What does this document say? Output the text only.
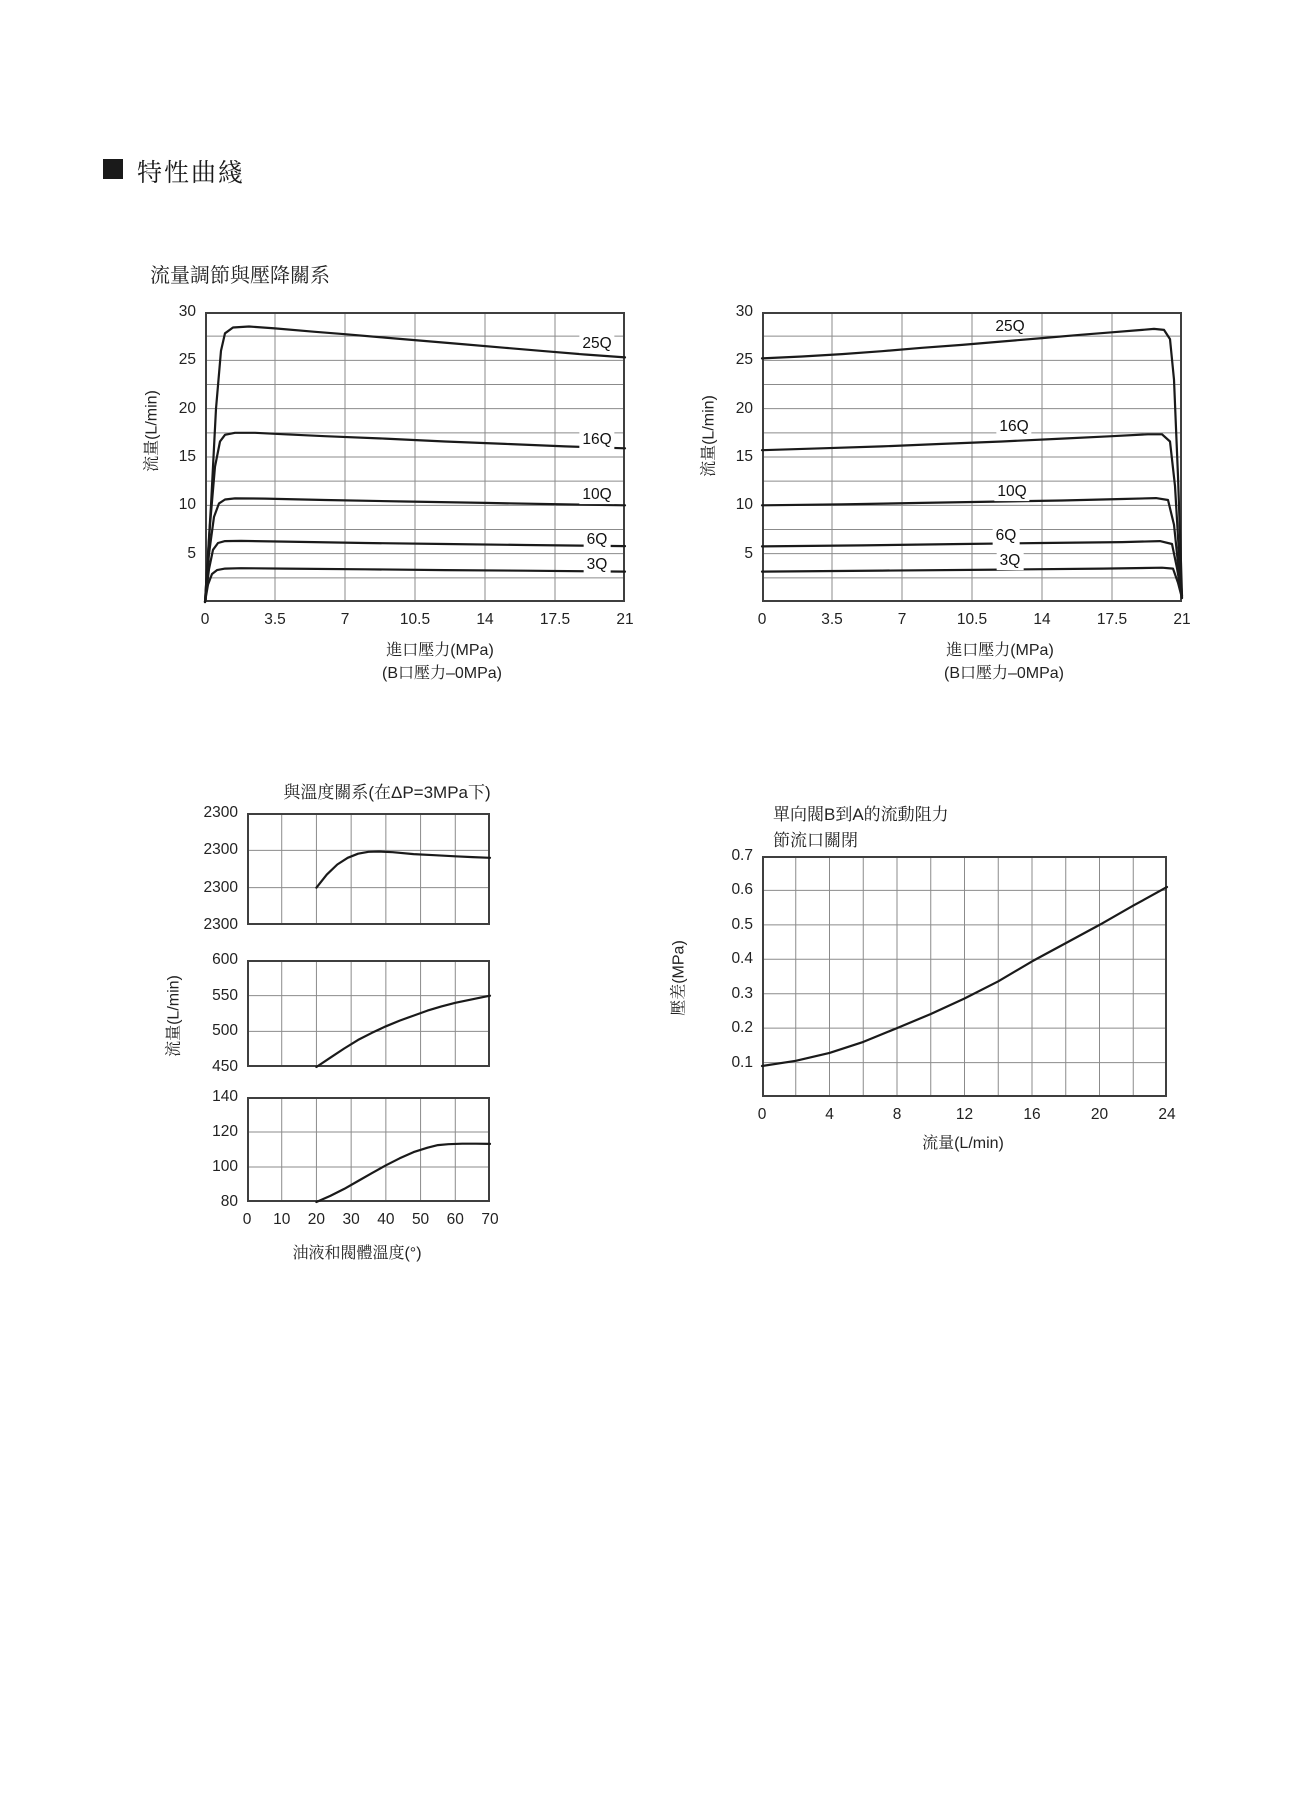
特性曲綫
流量調節與壓降關系
25Q
16Q
10Q
6Q
3Q
0	3.5	7	10.5	14	17.5	21
30
25
20
15
10
5
流量(L/min)
進口壓力(MPa)
(B口壓力–0MPa)
25Q
16Q
10Q
6Q
3Q
0	3.5	7	10.5	14	17.5	21
30
25
20
15
10
5
流量(L/min)
進口壓力(MPa)
(B口壓力–0MPa)
與溫度關系(在ΔP=3MPa下)
2300
2300
2300
2300
600
550
500
450
0 10 20 30 40 50 60 70
140
120
100
80
流量(L/min)
油液和閥體溫度(°)
單向閥B到A的流動阻力
節流口關閉
0	4	8	12	16	20	24
0.7
0.6
0.5
0.4
0.3
0.2
0.1
壓差(MPa)
流量(L/min)
